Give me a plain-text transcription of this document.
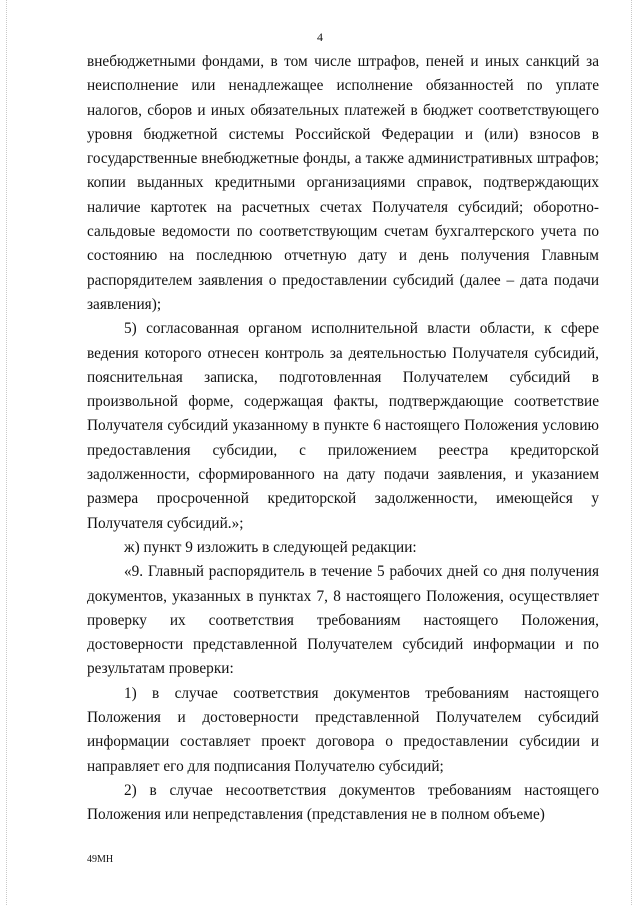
4

внебюджетными фондами, в том числе штрафов, пеней и иных санкций за неисполнение или ненадлежащее исполнение обязанностей по уплате налогов, сборов и иных обязательных платежей в бюджет соответствующего уровня бюджетной системы Российской Федерации и (или) взносов в государственные внебюджетные фонды, а также административных штрафов; копии выданных кредитными организациями справок, подтверждающих наличие картотек на расчетных счетах Получателя субсидий; оборотно-сальдовые ведомости по соответствующим счетам бухгалтерского учета по состоянию на последнюю отчетную дату и день получения Главным распорядителем заявления о предоставлении субсидий (далее – дата подачи заявления);

5) согласованная органом исполнительной власти области, к сфере ведения которого отнесен контроль за деятельностью Получателя субсидий, пояснительная записка, подготовленная Получателем субсидий в произвольной форме, содержащая факты, подтверждающие соответствие Получателя субсидий указанному в пункте 6 настоящего Положения условию предоставления субсидии, с приложением реестра кредиторской задолженности, сформированного на дату подачи заявления, и указанием размера просроченной кредиторской задолженности, имеющейся у Получателя субсидий.»;

ж) пункт 9 изложить в следующей редакции:

«9. Главный распорядитель в течение 5 рабочих дней со дня получения документов, указанных в пунктах 7, 8 настоящего Положения, осуществляет проверку их соответствия требованиям настоящего Положения, достоверности представленной Получателем субсидий информации и по результатам проверки:

1) в случае соответствия документов требованиям настоящего Положения и достоверности представленной Получателем субсидий информации составляет проект договора о предоставлении субсидии и направляет его для подписания Получателю субсидий;

2) в случае несоответствия документов требованиям настоящего Положения или непредставления (представления не в полном объеме)

49МН
